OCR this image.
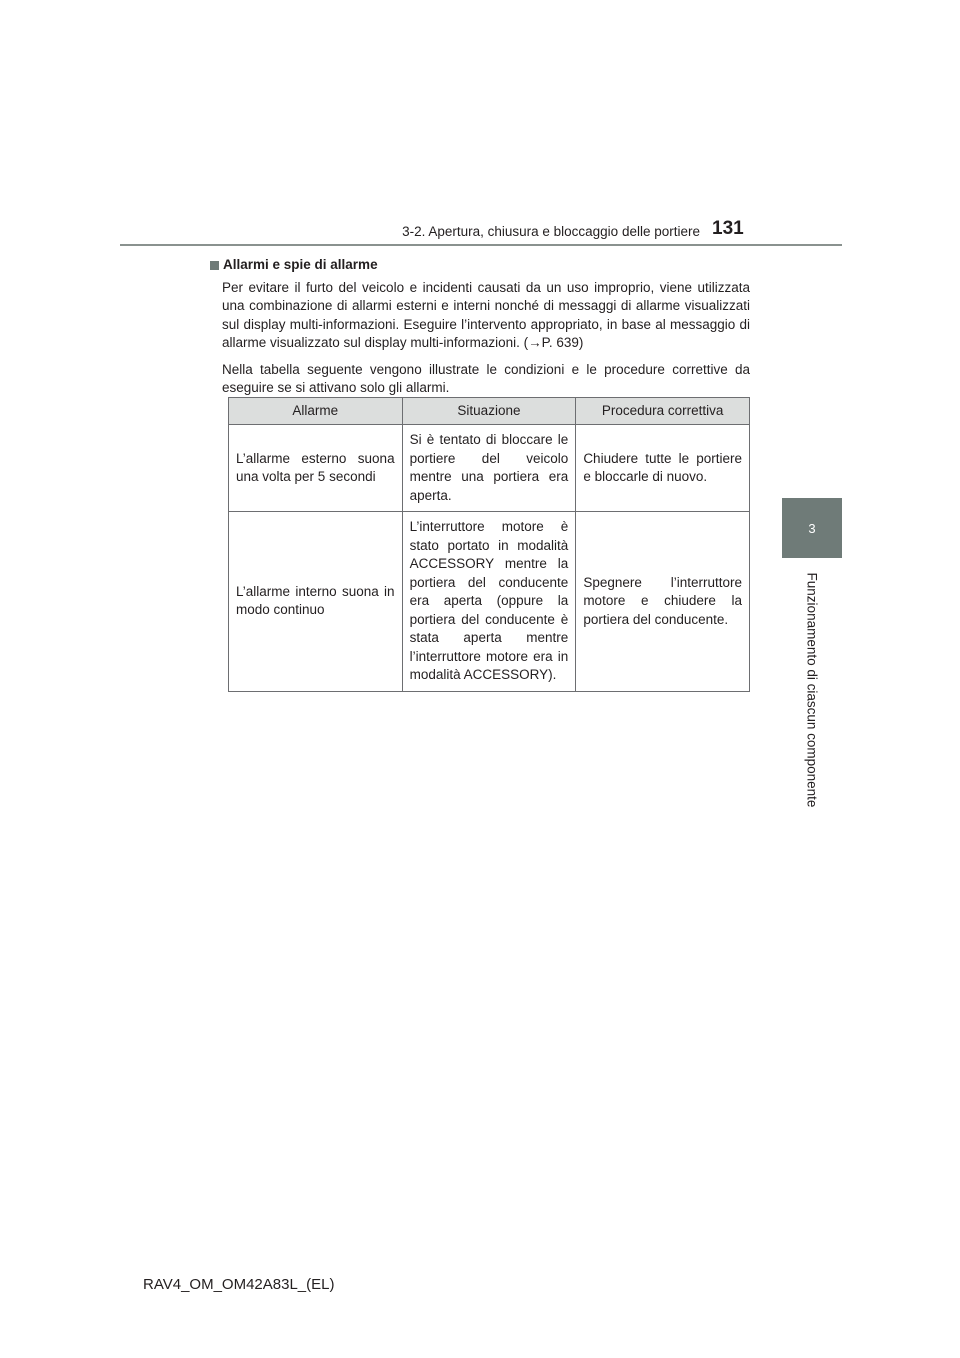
3-2. Apertura, chiusura e bloccaggio delle portiere 131
3
Funzionamento di ciascun componente
Allarmi e spie di allarme

Per evitare il furto del veicolo e incidenti causati da un uso improprio, viene utilizzata una combinazione di allarmi esterni e interni nonché di messaggi di allarme visualizzati sul display multi-informazioni. Eseguire l’intervento appropriato, in base al messaggio di allarme visualizzato sul display multi-informazioni. (→P. 639)

Nella tabella seguente vengono illustrate le condizioni e le procedure correttive da eseguire se si attivano solo gli allarmi.

Allarme	Situazione	Procedura correttiva
L’allarme esterno suona una volta per 5 secondi	Si è tentato di bloccare le portiere del veicolo mentre una portiera era aperta.	Chiudere tutte le portiere e bloccarle di nuovo.
L’allarme interno suona in modo continuo	L’interruttore motore è stato portato in modalità ACCESSORY mentre la portiera del conducente era aperta (oppure la portiera del conducente è stata aperta mentre l’interruttore motore era in modalità ACCESSORY).	Spegnere l’interruttore motore e chiudere la portiera del conducente.
RAV4_OM_OM42A83L_(EL)
